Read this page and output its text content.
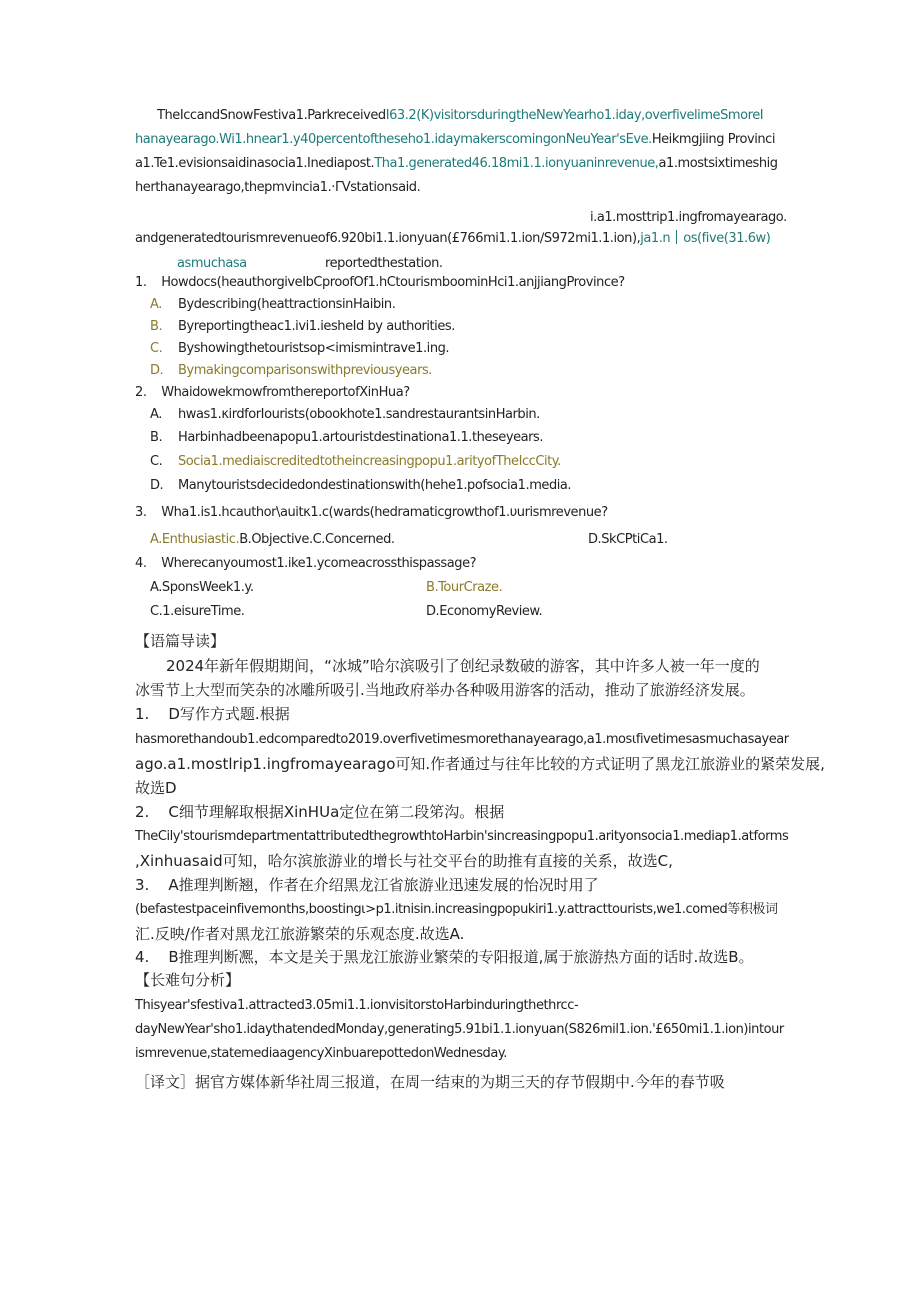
TheIccandSnowFestiva1.ParkreceivedI63.2(K)visitorsduringtheNewYearho1.iday,overfivelimeSmoreI
hanayearago.Wi1.hnear1.y40percentoftheseho1.idaymakerscomingonNeuYear'sEve.Heikmgjiing Provinci
a1.Te1.evisionsaidinasocia1.Inediapost.Tha1.generated46.18mi1.1.ionyuaninrevenue,a1.mostsixtimeshig
herthanayearago,thepmvincia1.·ΓVstationsaid.
i.a1.mosttrip1.ingfromayearago.
andgeneratedtourismrevenueof6.920bi1.1.ionyuan(£766mi1.1.ion∕S972mi1.1.ion),ja1.n os(five(31.6w)
asmuchasa	reportedthestation.
1.    Howdocs(heauthorgiveIbCproofOf1.hCtourismboominHci1.anjjiangProvince?
A. Bydescribing(heattractionsinHaibin.
B. Byreportingtheac1.ivi1.iesheId by authorities.
C. Byshowingthetouristsop<imismintrave1.ing.
D. Bymakingcomparisonswithpreviousyears.
2.    WhaidowekmowfromthereportofXinHua?
A. hwas1.κirdforIourists(obookhote1.sandrestaurantsinHarbin.
B. Harbinhadbeenapopu1.artouristdestinationa1.1.theseyears.
C. Socia1.mediaiscreditedtotheincreasingpopu1.arityofTheIccCity.
D. Manytouristsdecidedondestinationswith(hehe1.pofsocia1.media.
3.    Wha1.is1.hcauthor\auitκ1.c(wards(hedramaticgrowthof1.υurismrevenue?
A.Enthusiastic.B.Objective.C.Concerned.	D.SkCPtiCa1.
4.    Wherecanyoumost1.ike1.ycomeacrossthispassage?
A.SponsWeek1.y.	B.TourCraze.
C.1.eisureTime.	D.EconomyReview.
【语篇导读】
2024年新年假期期间，“冰城”哈尔滨吸引了创纪录数破的游客，其中许多人被一年一度的
冰雪节上大型而笑杂的冰雕所吸引.当地政府举办各种吸用游客的活动，推动了旅游经济发展。
1.    D写作方式题.根据
hasmorethandoub1.edcomparedto2019.overfivetimesmorethanayearago,a1.mosιfivetimesasmuchasayear
ago.a1.mostlrip1.ingfromayearago可知.作者通过与往年比较的方式证明了黑龙江旅游业的紧荣发展,
故选D
2.    C细节理解取根据XinHUa定位在第二段笫沟。根据
TheCily'stourismdepartmentattributedthegrowthtoHarbin'sincreasingpopu1.arityonsocia1.mediap1.atforms
,Xinhuasaid可知，哈尔滨旅游业的增长与社交平台的助推有直接的关系，故选C,
3.    A推理判断翘，作者在介绍黑龙江省旅游业迅速发展的怡况时用了
(befastestpaceinfivemonths,boostingι>p1.itnisin.increasingpopukiri1.y.attracttourists,we1.comed等积极词
汇.反映/作者对黑龙江旅游繁荣的乐观态度.故选A.
4.    B推理判断凞，本文是关于黑龙江旅游业繁荣的专阳报道,属于旅游热方面的话时.故选B。
【长难句分析】
Thisyear'sfestiva1.attracted3.05mi1.1.ionvisitorstoHarbinduringthethrcc-
dayNewYear'sho1.idaythatendedMonday,generating5.91bi1.1.ionyuan(S826mil1.ion.'£650mi1.1.ion)intour
ismrevenue,statemediaagencyXinbuarepottedonWednesday.
［译文］据官方媒体新华社周三报道，在周一结束的为期三天的存节假期中.今年的春节吸
